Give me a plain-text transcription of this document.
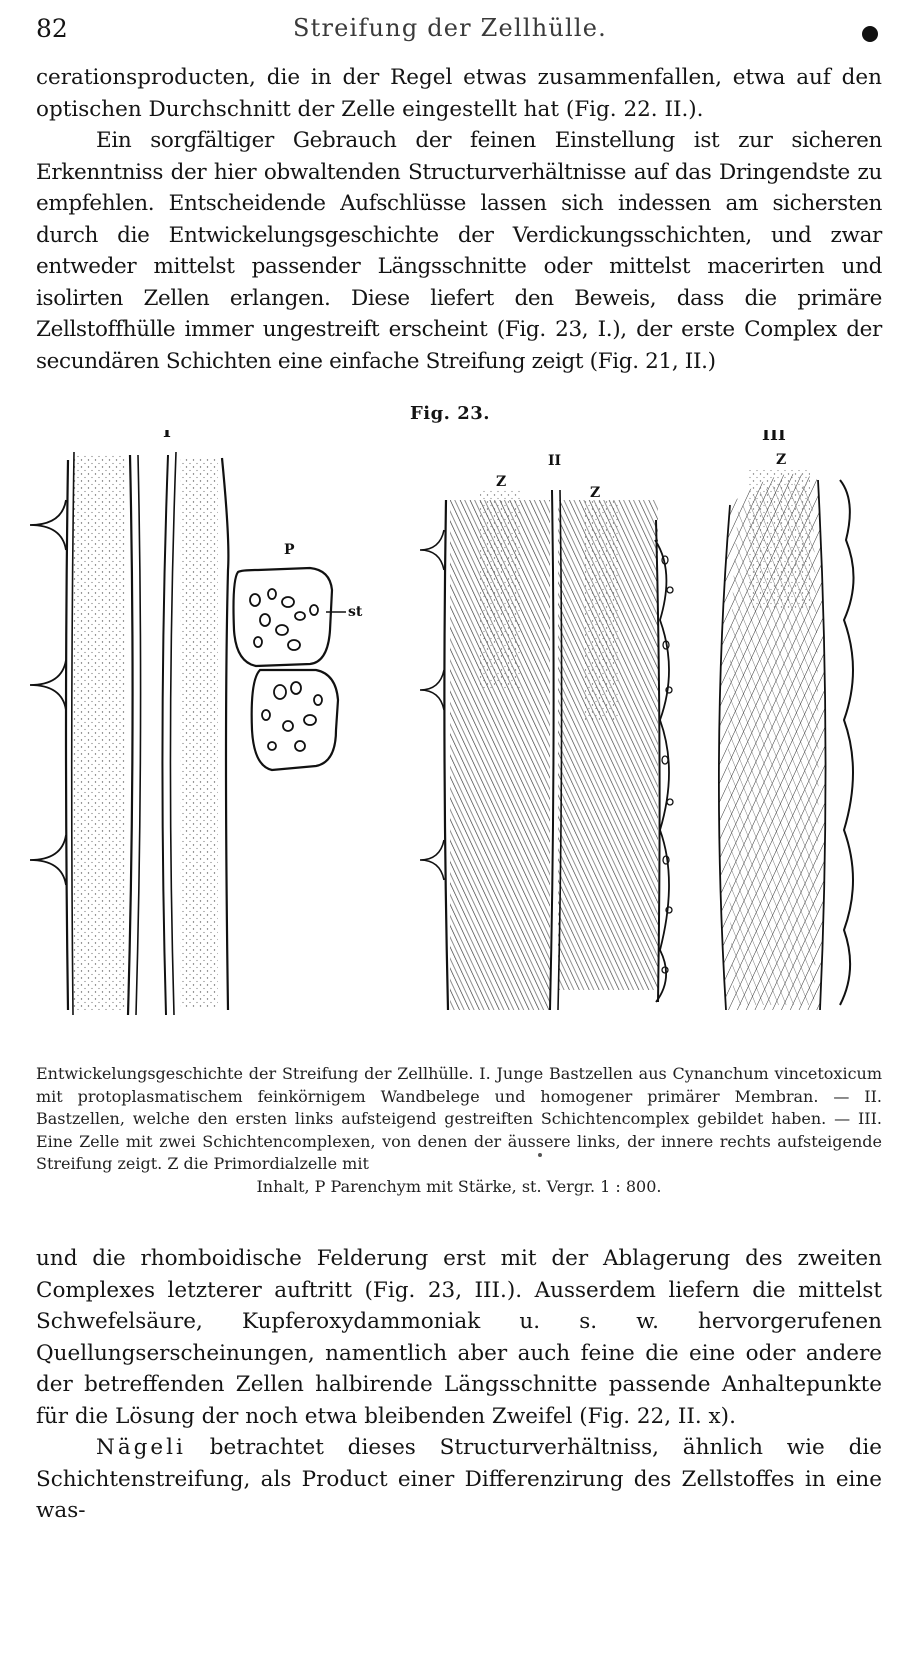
82	Streifung der Zellhülle.

cerationsproducten, die in der Regel etwas zusammenfallen, etwa auf den optischen Durchschnitt der Zelle eingestellt hat (Fig. 22. II.).

Ein sorgfältiger Gebrauch der feinen Einstellung ist zur sicheren Erkenntniss der hier obwaltenden Structurverhältnisse auf das Dringendste zu empfehlen. Entscheidende Aufschlüsse lassen sich indessen am sichersten durch die Entwickelungsgeschichte der Verdickungsschichten, und zwar entweder mittelst passender Längsschnitte oder mittelst macerirten und isolirten Zellen erlangen. Diese liefert den Beweis, dass die primäre Zellstoffhülle immer ungestreift erscheint (Fig. 23, I.), der erste Complex der secundären Schichten eine einfache Streifung zeigt (Fig. 21, II.)

Fig. 23.
I
P
st
II
Z
Z
III
Z
Entwickelungsgeschichte der Streifung der Zellhülle. I. Junge Bastzellen aus Cynanchum vincetoxicum mit protoplasmatischem feinkörnigem Wandbelege und homogener primärer Membran. — II. Bastzellen, welche den ersten links aufsteigend gestreiften Schichtencomplex gebildet haben. — III. Eine Zelle mit zwei Schichtencomplexen, von denen der äussere links, der innere rechts aufsteigende Streifung zeigt. Z die Primordialzelle mit
Inhalt, P Parenchym mit Stärke, st. Vergr. 1 : 800.

und die rhomboidische Felderung erst mit der Ablagerung des zweiten Complexes letzterer auftritt (Fig. 23, III.). Ausserdem liefern die mittelst Schwefelsäure, Kupferoxydammoniak u. s. w. hervorgerufenen Quellungserscheinungen, namentlich aber auch feine die eine oder andere der betreffenden Zellen halbirende Längsschnitte passende Anhaltepunkte für die Lösung der noch etwa bleibenden Zweifel (Fig. 22, II. x).

Nägeli betrachtet dieses Structurverhältniss, ähnlich wie die Schichtenstreifung, als Product einer Differenzirung des Zellstoffes in eine was-
